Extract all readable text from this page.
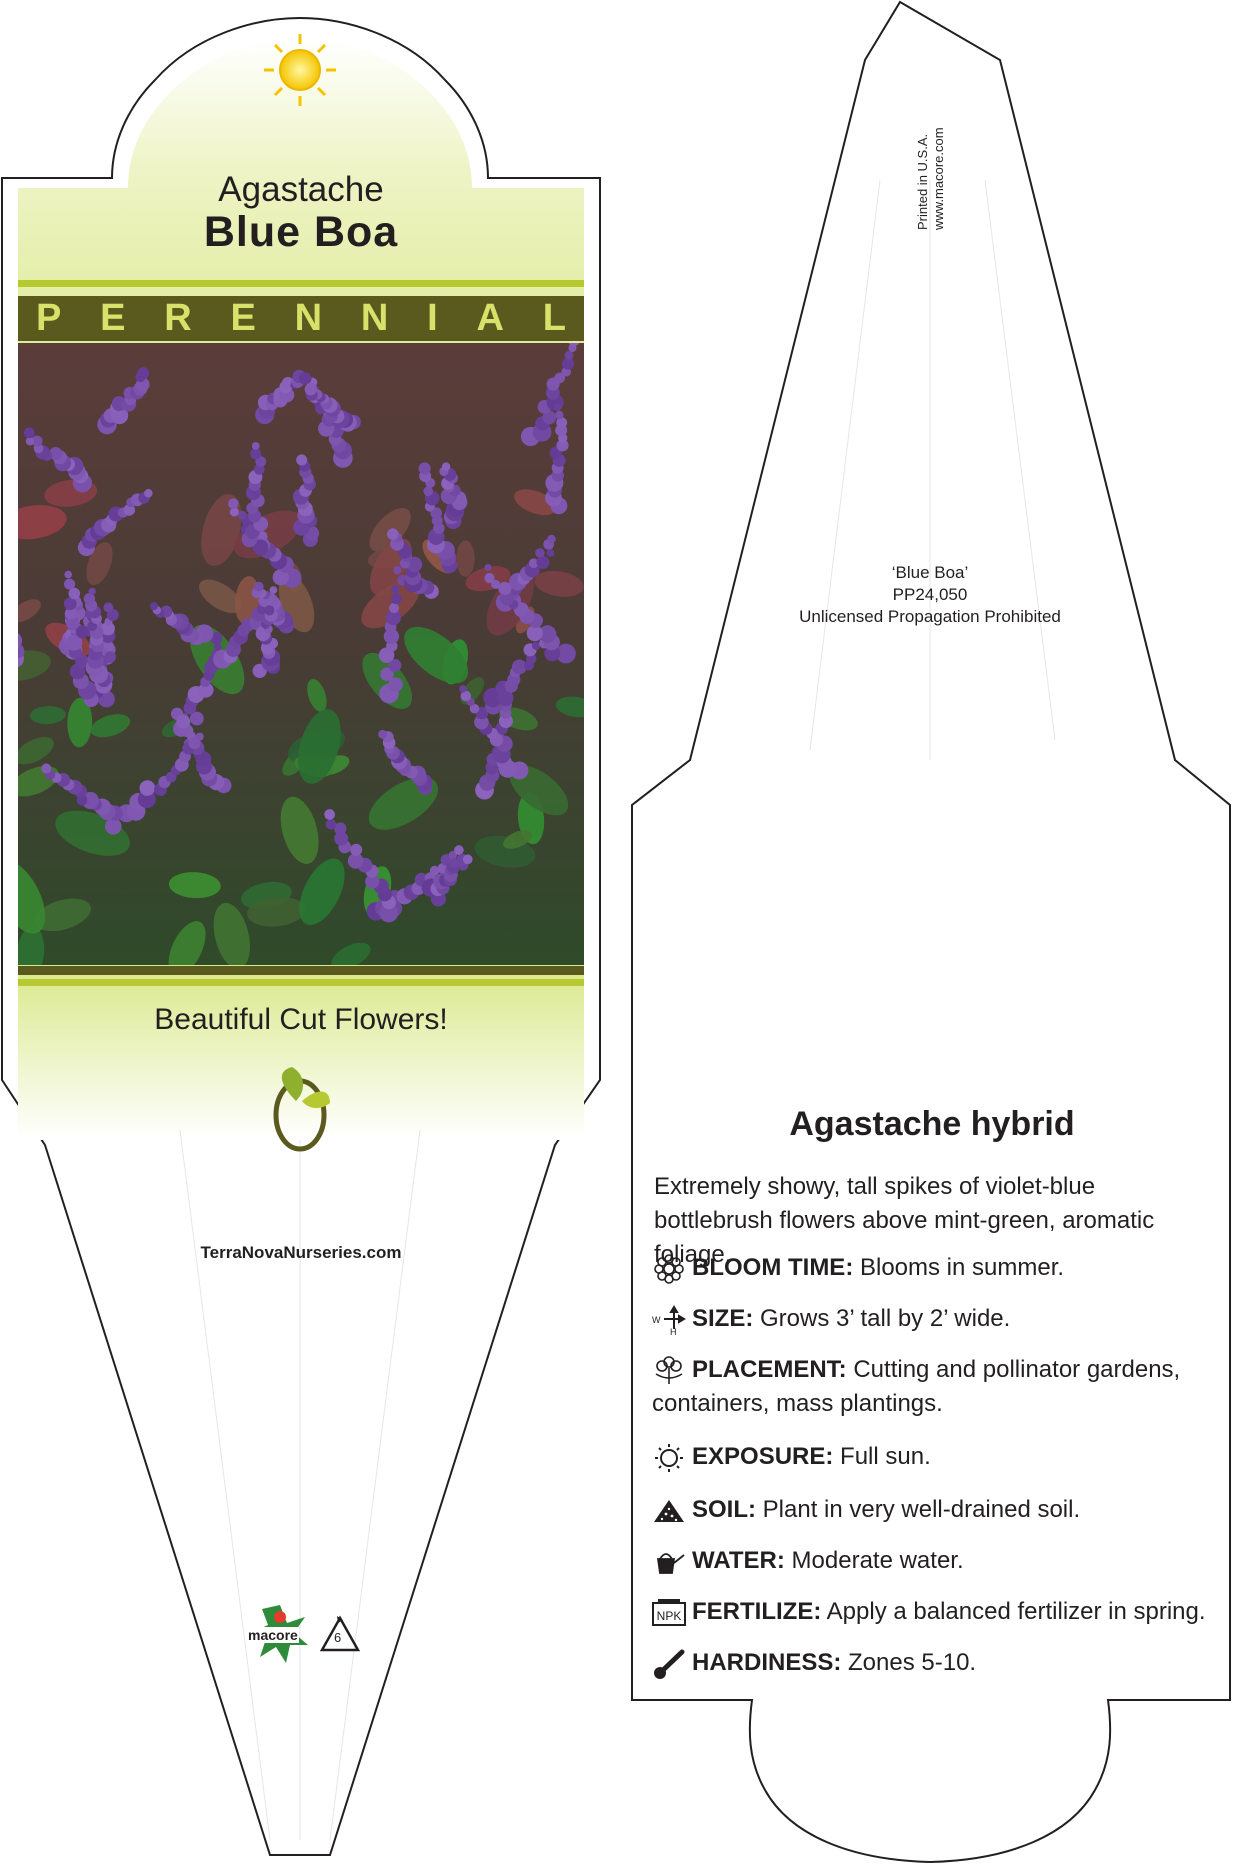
Agastache
Blue Boa
P E R E N N I A L
Beautiful Cut Flowers!
TerraNovaNurseries.com
macore	6
Printed in U.S.A. www.macore.com
‘Blue Boa’
PP24,050
Unlicensed Propagation Prohibited
Agastache hybrid
Extremely showy, tall spikes of violet-blue bottlebrush flowers above mint-green, aromatic foliage.
BLOOM TIME: Blooms in summer.
W
H SIZE: Grows 3’ tall by 2’ wide.
PLACEMENT: Cutting and pollinator gardens, containers, mass plantings.
EXPOSURE: Full sun.
SOIL: Plant in very well-drained soil.
WATER: Moderate water.
NPK FERTILIZE: Apply a balanced fertilizer in spring.
HARDINESS: Zones 5-10.
